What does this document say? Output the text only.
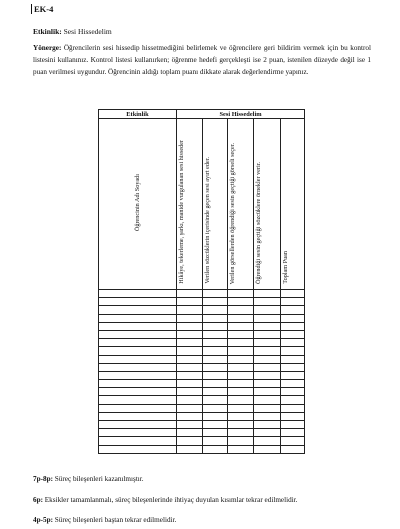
EK-4
Etkinlik: Sesi Hissedelim
Yönerge: Öğrencilerin sesi hissedip hissetmediğini belirlemek ve öğrencilere geri bildirim vermek için bu kontrol listesini kullanınız. Kontrol listesi kullanırken; öğrenme hedefi gerçekleşti ise 2 puan, istenilen düzeyde değil ise 1 puan verilmesi uygundur. Öğrencinin aldığı toplam puanı dikkate alarak değerlendirme yapınız.
Etkinlik	Sesi Hissedelim				
Öğrencinin Adı Soyadı	Hikâye, tekerleme, şarkı, manide vurgulanan sesi hisseder	Verilen sözcüklerin içerisinde geçen sesi ayırt eder.	Verilen görsellerden öğrendiği sesin geçtiği görseli seçer.	Öğrendiği sesin geçtiği sözcüklere örnekler verir.	Toplam Puan

7p-8p: Süreç bileşenleri kazanılmıştır.
6p: Eksikler tamamlanmalı, süreç bileşenlerinde ihtiyaç duyulan kısımlar tekrar edilmelidir.
4p-5p: Süreç bileşenleri baştan tekrar edilmelidir.
